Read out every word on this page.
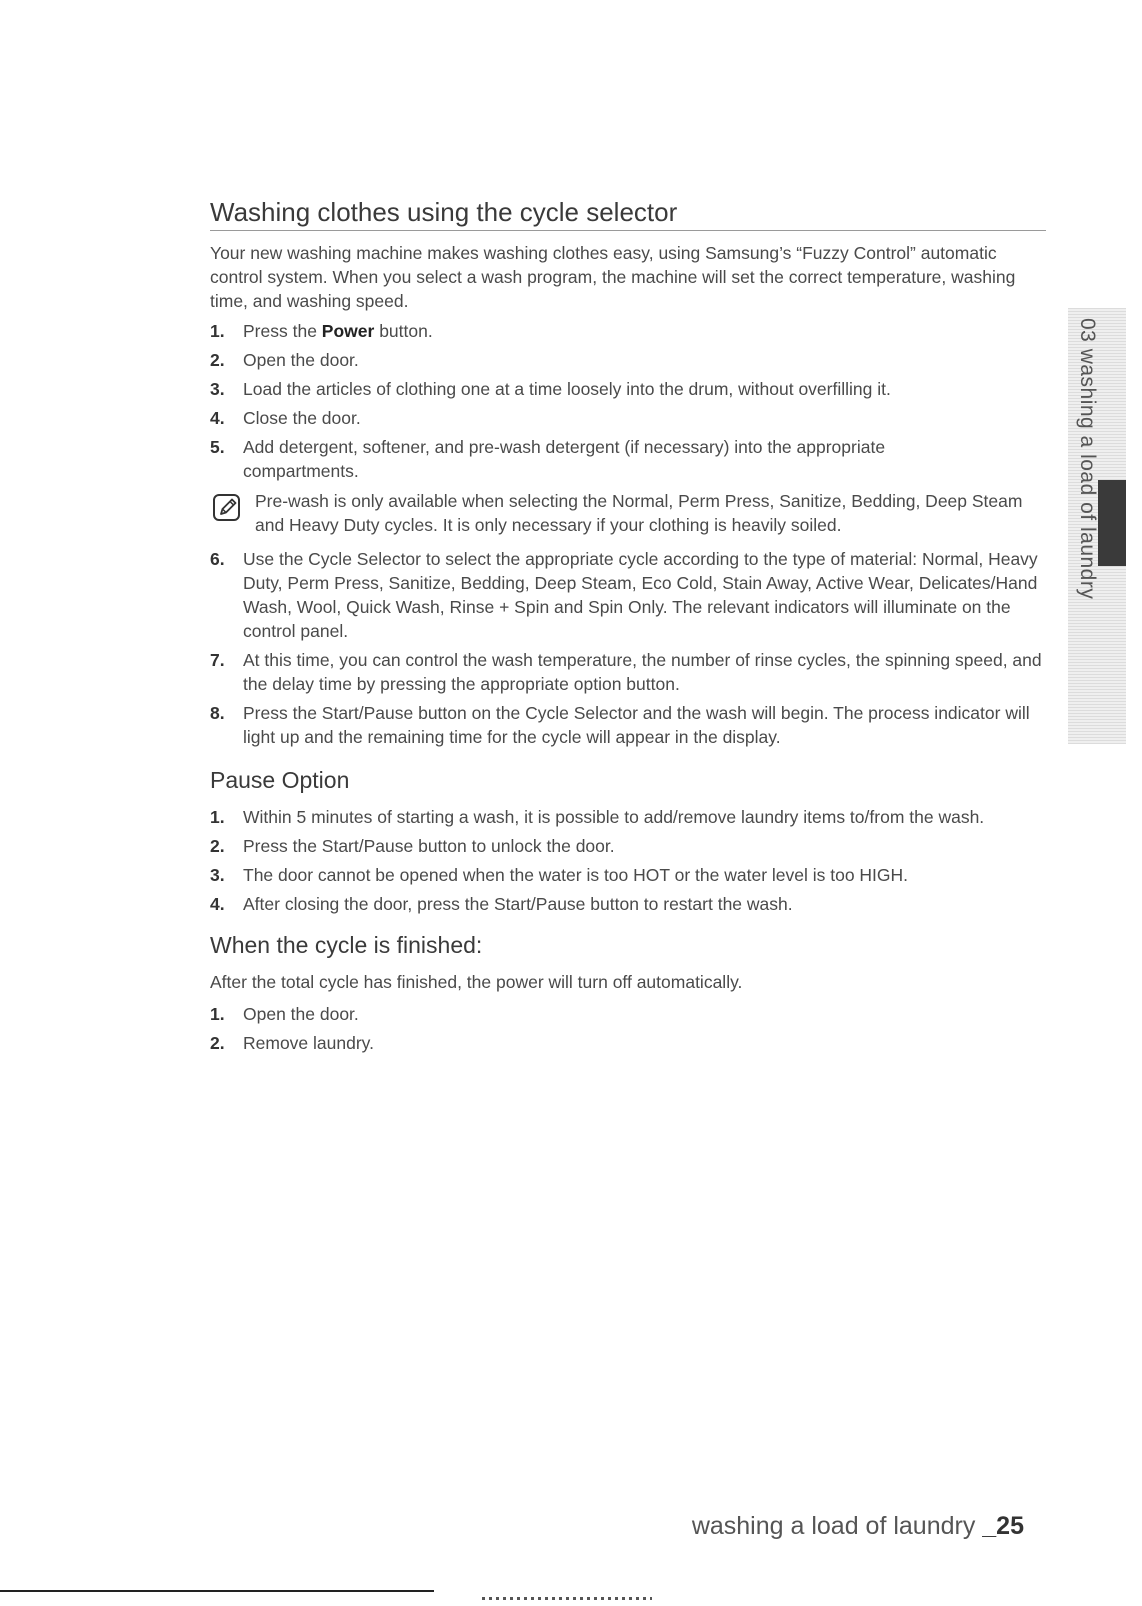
Washing clothes using the cycle selector

Your new washing machine makes washing clothes easy, using Samsung’s “Fuzzy Control” automatic control system. When you select a wash program, the machine will set the correct temperature, washing time, and washing speed.

1. Press the Power button.
2. Open the door.
3. Load the articles of clothing one at a time loosely into the drum, without overfilling it.
4. Close the door.
5. Add detergent, softener, and pre-wash detergent (if necessary) into the appropriate compartments.
Pre-wash is only available when selecting the Normal, Perm Press, Sanitize, Bedding, Deep Steam and Heavy Duty cycles. It is only necessary if your clothing is heavily soiled.
6. Use the Cycle Selector to select the appropriate cycle according to the type of material: Normal, Heavy Duty, Perm Press, Sanitize, Bedding, Deep Steam, Eco Cold, Stain Away, Active Wear, Delicates/Hand Wash, Wool, Quick Wash, Rinse + Spin and Spin Only. The relevant indicators will illuminate on the control panel.
7. At this time, you can control the wash temperature, the number of rinse cycles, the spinning speed, and the delay time by pressing the appropriate option button.
8. Press the Start/Pause button on the Cycle Selector and the wash will begin. The process indicator will light up and the remaining time for the cycle will appear in the display.
Pause Option
1. Within 5 minutes of starting a wash, it is possible to add/remove laundry items to/from the wash.
2. Press the Start/Pause button to unlock the door.
3. The door cannot be opened when the water is too HOT or the water level is too HIGH.
4. After closing the door, press the Start/Pause button to restart the wash.
When the cycle is finished:

After the total cycle has finished, the power will turn off automatically.

1. Open the door.
2. Remove laundry.
03 washing a load of laundry
washing a load of laundry _25
